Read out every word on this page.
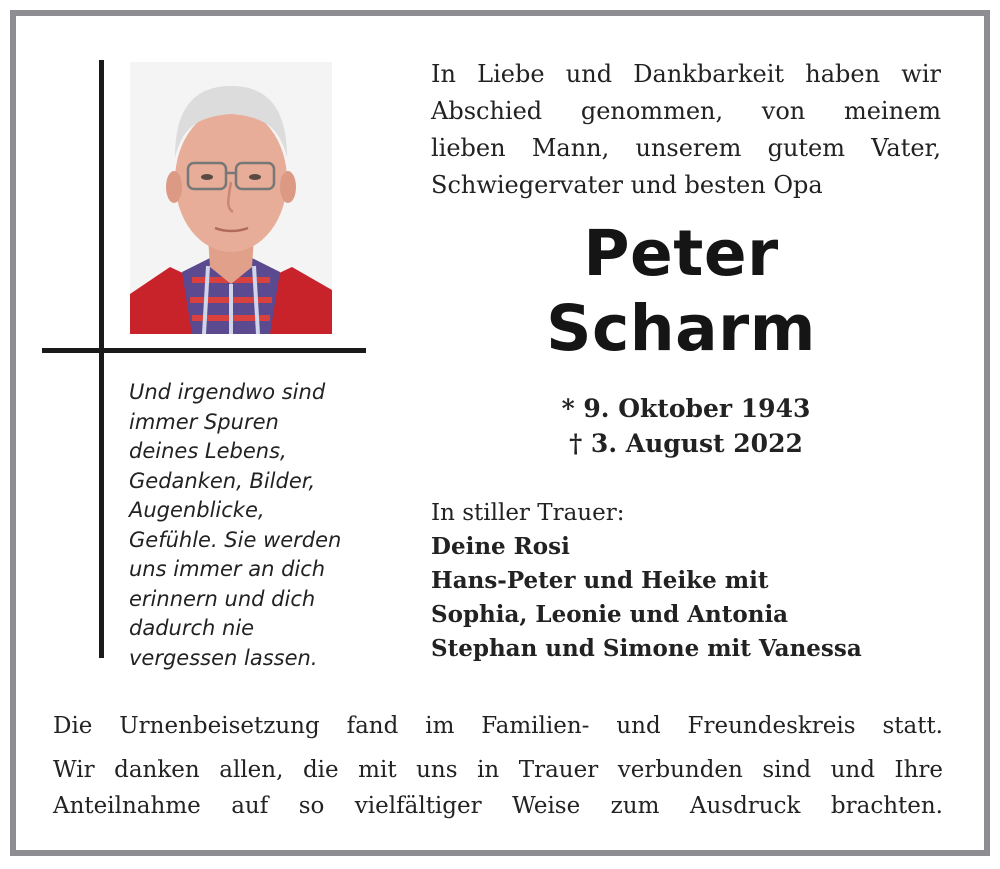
Und irgendwo sind
immer Spuren
deines Lebens,
Gedanken, Bilder,
Augenblicke,
Gefühle. Sie werden
uns immer an dich
erinnern und dich
dadurch nie
vergessen lassen.
In Liebe und Dankbarkeit haben wir
Abschied genommen, von meinem
lieben Mann, unserem gutem Vater,
Schwiegervater und besten Opa
Peter
Scharm
* 9. Oktober 1943
† 3. August 2022
In stiller Trauer:
Deine Rosi
Hans-Peter und Heike mit
Sophia, Leonie und Antonia
Stephan und Simone mit Vanessa
Die Urnenbeisetzung fand im Familien- und Freundeskreis statt.
Wir danken allen, die mit uns in Trauer verbunden sind und Ihre
Anteilnahme auf so vielfältiger Weise zum Ausdruck brachten.
